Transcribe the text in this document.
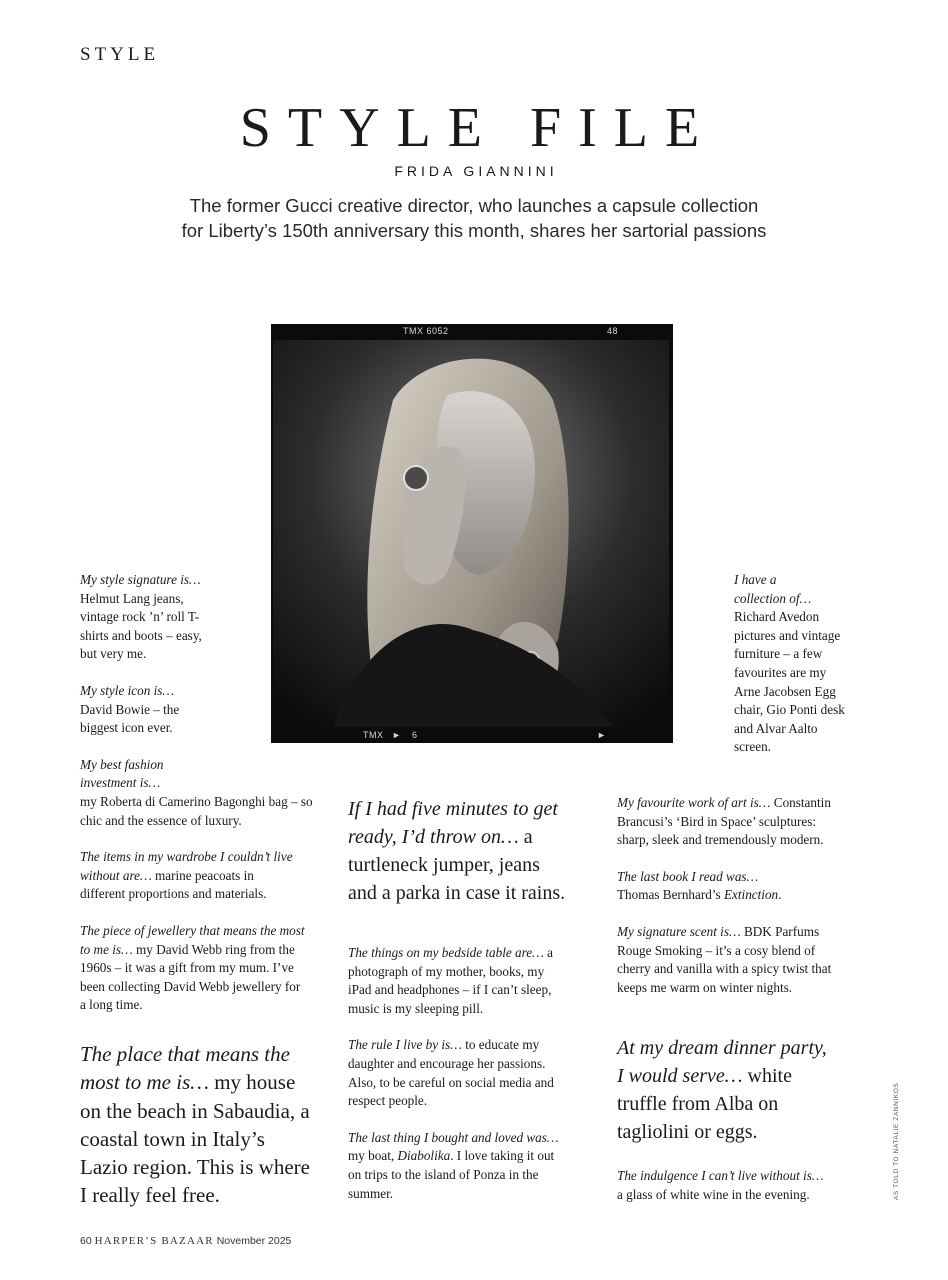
STYLE
STYLE FILE
FRIDA GIANNINI
The former Gucci creative director, who launches a capsule collection
for Liberty’s 150th anniversary this month, shares her sartorial passions
TMX 6052	48
TMX ► 6	►

My style signature is…
Helmut Lang jeans, vintage rock ’n’ roll T-shirts and boots – easy, but very me.

My style icon is…
David Bowie – the biggest icon ever.

My best fashion investment is…
my Roberta di Camerino Bagonghi bag – so chic and the essence of luxury.

The items in my wardrobe I couldn’t live without are… marine peacoats in different proportions and materials.

The piece of jewellery that means the most to me is… my David Webb ring from the 1960s – it was a gift from my mum. I’ve been collecting David Webb jewellery for a long time.

The place that means the most to me is… my house on the beach in Sabaudia, a coastal town in Italy’s Lazio region. This is where I really feel free.

I have a collection of…
Richard Avedon pictures and vintage furniture – a few favourites are my Arne Jacobsen Egg chair, Gio Ponti desk and Alvar Aalto screen.

If I had five minutes to get ready, I’d throw on… a turtleneck jumper, jeans and a parka in case it rains.

The things on my bedside table are… a photograph of my mother, books, my iPad and headphones – if I can’t sleep, music is my sleeping pill.

The rule I live by is… to educate my daughter and encourage her passions. Also, to be careful on social media and respect people.

The last thing I bought and loved was… my boat, Diabolika. I love taking it out on trips to the island of Ponza in the summer.

My favourite work of art is… Constantin Brancusi’s ‘Bird in Space’ sculptures: sharp, sleek and tremendously modern.

The last book I read was…
Thomas Bernhard’s Extinction.

My signature scent is… BDK Parfums Rouge Smoking – it’s a cosy blend of cherry and vanilla with a spicy twist that keeps me warm on winter nights.

At my dream dinner party, I would serve… white truffle from Alba on tagliolini or eggs.
The indulgence I can’t live without is…
a glass of white wine in the evening.	AS TOLD TO NATALIE ZANNIKOS
60 HARPER’S BAZAAR November 2025
